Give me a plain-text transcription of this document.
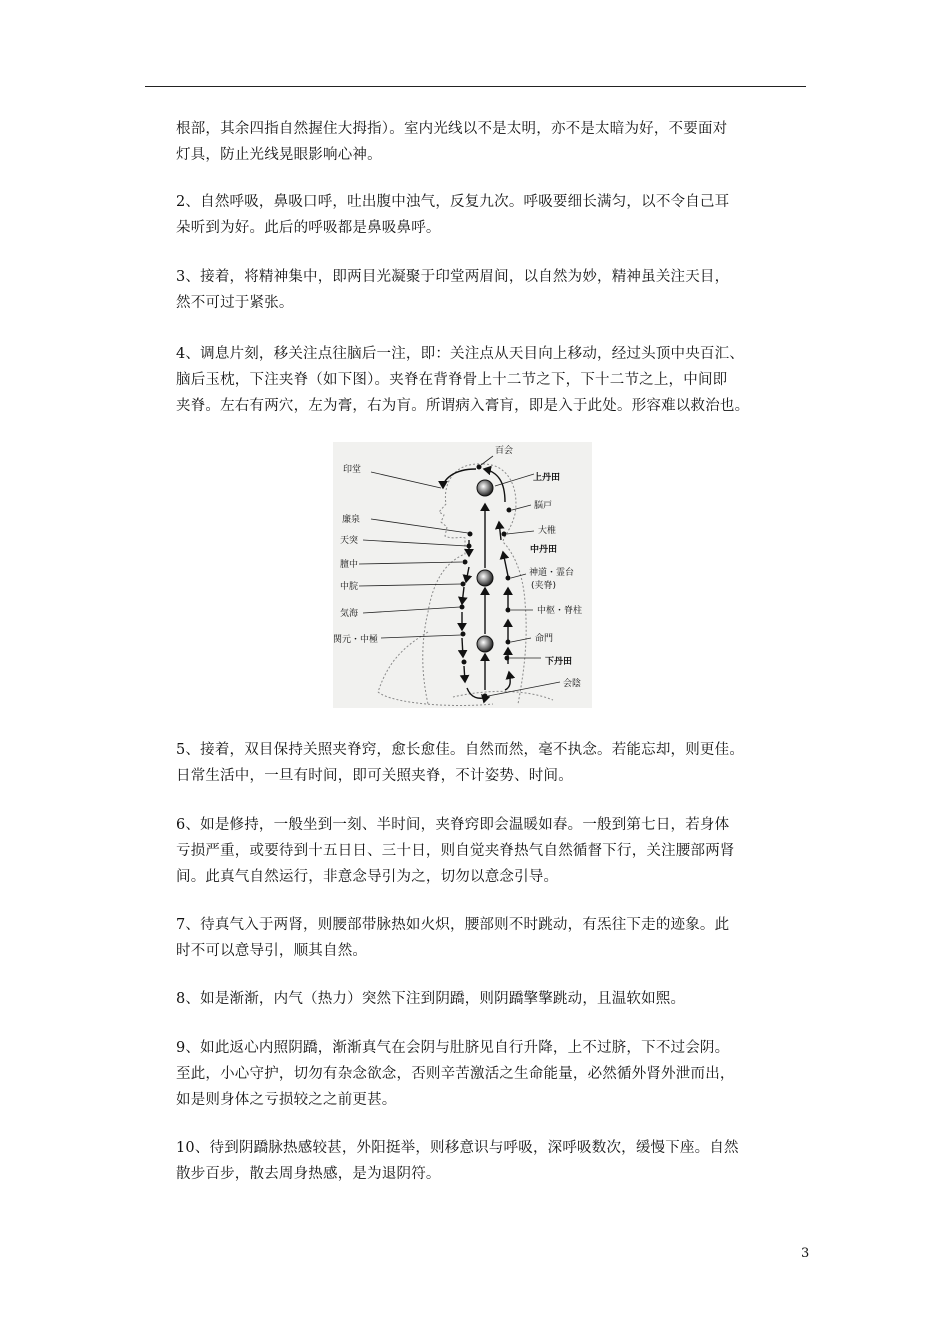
根部，其余四指自然握住大拇指）。室内光线以不是太明，亦不是太暗为好，不要面对
灯具，防止光线晃眼影响心神。

2、自然呼吸，鼻吸口呼，吐出腹中浊气，反复九次。呼吸要细长满匀，以不令自己耳
朵听到为好。此后的呼吸都是鼻吸鼻呼。

3、接着，将精神集中，即两目光凝聚于印堂两眉间，以自然为妙，精神虽关注天目，
然不可过于紧张。

4、调息片刻，移关注点往脑后一注，即：关注点从天目向上移动，经过头顶中央百汇、
脑后玉枕，下注夹脊（如下图）。夹脊在背脊骨上十二节之下，下十二节之上，中间即
夹脊。左右有两穴，左为膏，右为肓。所谓病入膏肓，即是入于此处。形容难以救治也。

百会
印堂
上丹田
脳戸
廉泉
大椎
天突
中丹田
膻中
神道・霊台
(夹脊)
中脘
中枢・脊柱
気海
命門
関元・中極
下丹田
会陰

5、接着，双目保持关照夹脊窍，愈长愈佳。自然而然，毫不执念。若能忘却，则更佳。
日常生活中，一旦有时间，即可关照夹脊，不计姿势、时间。

6、如是修持，一般坐到一刻、半时间，夹脊窍即会温暖如春。一般到第七日，若身体
亏损严重，或要待到十五日日、三十日，则自觉夹脊热气自然循督下行，关注腰部两肾
间。此真气自然运行，非意念导引为之，切勿以意念引导。

7、待真气入于两肾，则腰部带脉热如火炽，腰部则不时跳动，有炁往下走的迹象。此
时不可以意导引，顺其自然。

8、如是渐渐，内气（热力）突然下注到阴蹻，则阴蹻擎擎跳动，且温软如煕。

9、如此返心内照阴蹻，渐渐真气在会阴与肚脐见自行升降，上不过脐，下不过会阴。
至此，小心守护，切勿有杂念欲念，否则辛苦激活之生命能量，必然循外肾外泄而出，
如是则身体之亏损较之之前更甚。

10、待到阴蹻脉热感较甚，外阳挺举，则移意识与呼吸，深呼吸数次，缓慢下座。自然
散步百步，散去周身热感，是为退阴符。

3
